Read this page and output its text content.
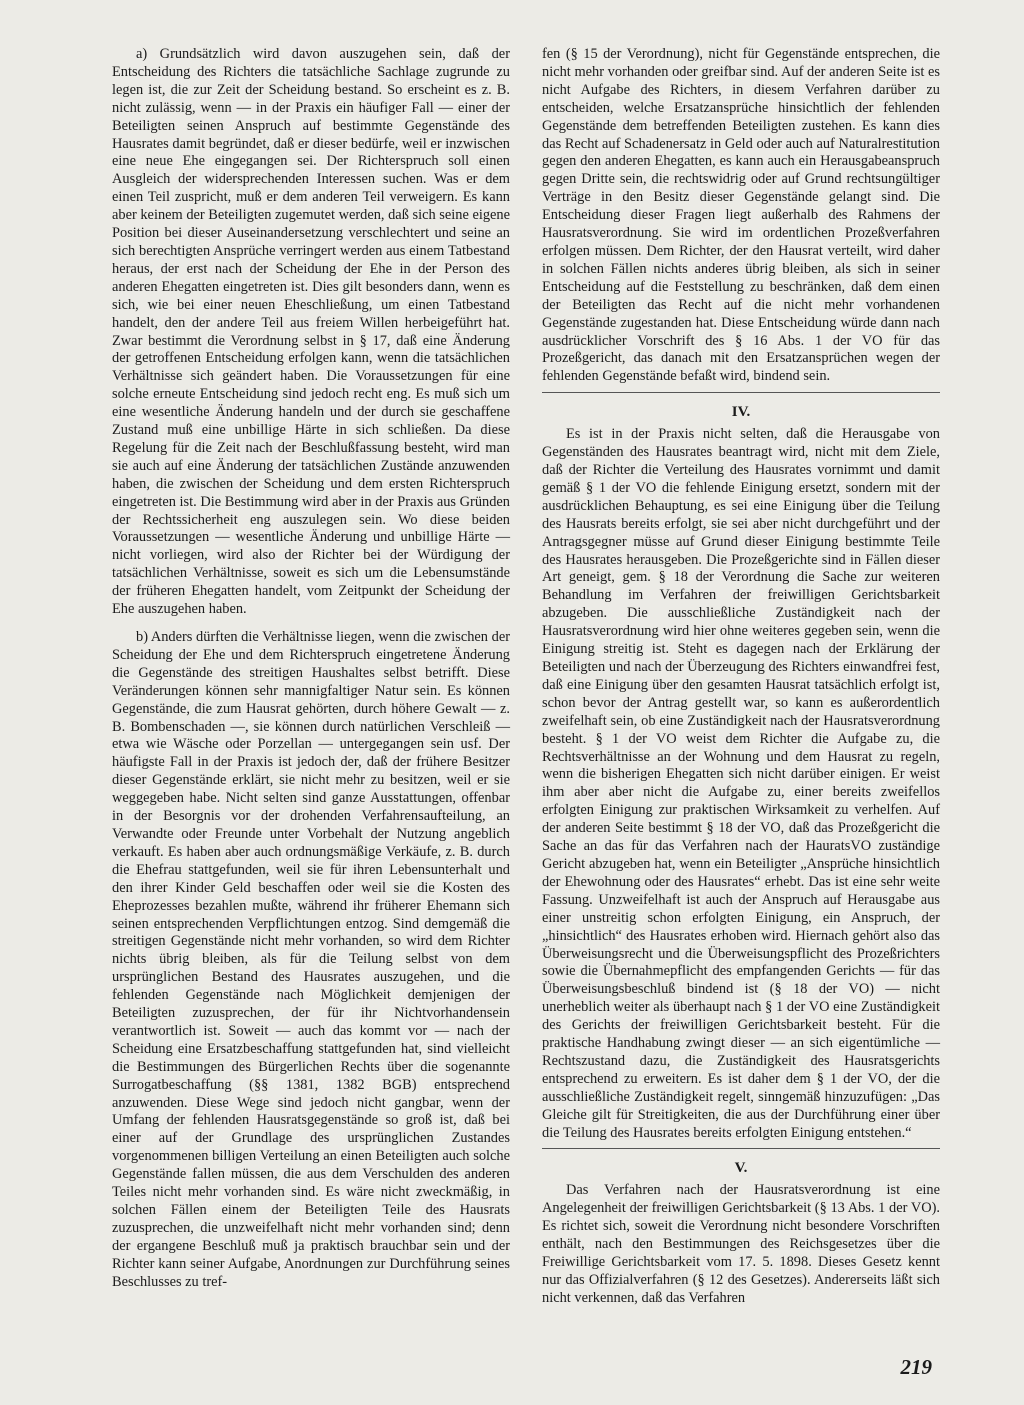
a) Grundsätzlich wird davon auszugehen sein, daß der Entscheidung des Richters die tatsächliche Sachlage zugrunde zu legen ist, die zur Zeit der Scheidung bestand. So erscheint es z. B. nicht zulässig, wenn — in der Praxis ein häufiger Fall — einer der Beteiligten seinen Anspruch auf bestimmte Gegenstände des Hausrates damit begründet, daß er dieser bedürfe, weil er inzwischen eine neue Ehe eingegangen sei. Der Richterspruch soll einen Ausgleich der widersprechenden Interessen suchen. Was er dem einen Teil zuspricht, muß er dem anderen Teil verweigern. Es kann aber keinem der Beteiligten zugemutet werden, daß sich seine eigene Position bei dieser Auseinandersetzung verschlechtert und seine an sich berechtigten Ansprüche verringert werden aus einem Tatbestand heraus, der erst nach der Scheidung der Ehe in der Person des anderen Ehegatten eingetreten ist. Dies gilt besonders dann, wenn es sich, wie bei einer neuen Eheschließung, um einen Tatbestand handelt, den der andere Teil aus freiem Willen herbeigeführt hat. Zwar bestimmt die Verordnung selbst in § 17, daß eine Änderung der getroffenen Entscheidung erfolgen kann, wenn die tatsächlichen Verhältnisse sich geändert haben. Die Voraussetzungen für eine solche erneute Entscheidung sind jedoch recht eng. Es muß sich um eine wesentliche Änderung handeln und der durch sie geschaffene Zustand muß eine unbillige Härte in sich schließen. Da diese Regelung für die Zeit nach der Beschlußfassung besteht, wird man sie auch auf eine Änderung der tatsächlichen Zustände anzuwenden haben, die zwischen der Scheidung und dem ersten Richterspruch eingetreten ist. Die Bestimmung wird aber in der Praxis aus Gründen der Rechtssicherheit eng auszulegen sein. Wo diese beiden Voraussetzungen — wesentliche Änderung und unbillige Härte — nicht vorliegen, wird also der Richter bei der Würdigung der tatsächlichen Verhältnisse, soweit es sich um die Lebensumstände der früheren Ehegatten handelt, vom Zeitpunkt der Scheidung der Ehe auszugehen haben.

b) Anders dürften die Verhältnisse liegen, wenn die zwischen der Scheidung der Ehe und dem Richterspruch eingetretene Änderung die Gegenstände des streitigen Haushaltes selbst betrifft. Diese Veränderungen können sehr mannigfaltiger Natur sein. Es können Gegenstände, die zum Hausrat gehörten, durch höhere Gewalt — z. B. Bombenschaden —, sie können durch natürlichen Verschleiß — etwa wie Wäsche oder Porzellan — untergegangen sein usf. Der häufigste Fall in der Praxis ist jedoch der, daß der frühere Besitzer dieser Gegenstände erklärt, sie nicht mehr zu besitzen, weil er sie weggegeben habe. Nicht selten sind ganze Ausstattungen, offenbar in der Besorgnis vor der drohenden Verfahrensaufteilung, an Verwandte oder Freunde unter Vorbehalt der Nutzung angeblich verkauft. Es haben aber auch ordnungsmäßige Verkäufe, z. B. durch die Ehefrau stattgefunden, weil sie für ihren Lebensunterhalt und den ihrer Kinder Geld beschaffen oder weil sie die Kosten des Eheprozesses bezahlen mußte, während ihr früherer Ehemann sich seinen entsprechenden Verpflichtungen entzog. Sind demgemäß die streitigen Gegenstände nicht mehr vorhanden, so wird dem Richter nichts übrig bleiben, als für die Teilung selbst von dem ursprünglichen Bestand des Hausrates auszugehen, und die fehlenden Gegenstände nach Möglichkeit demjenigen der Beteiligten zuzusprechen, der für ihr Nichtvorhandensein verantwortlich ist. Soweit — auch das kommt vor — nach der Scheidung eine Ersatzbeschaffung stattgefunden hat, sind vielleicht die Bestimmungen des Bürgerlichen Rechts über die sogenannte Surrogatbeschaffung (§§ 1381, 1382 BGB) entsprechend anzuwenden. Diese Wege sind jedoch nicht gangbar, wenn der Umfang der fehlenden Hausratsgegenstände so groß ist, daß bei einer auf der Grundlage des ursprünglichen Zustandes vorgenommenen billigen Verteilung an einen Beteiligten auch solche Gegenstände fallen müssen, die aus dem Verschulden des anderen Teiles nicht mehr vorhanden sind. Es wäre nicht zweckmäßig, in solchen Fällen einem der Beteiligten Teile des Hausrats zuzusprechen, die unzweifelhaft nicht mehr vorhanden sind; denn der ergangene Beschluß muß ja praktisch brauchbar sein und der Richter kann seiner Aufgabe, Anordnungen zur Durchführung seines Beschlusses zu tref-

fen (§ 15 der Verordnung), nicht für Gegenstände entsprechen, die nicht mehr vorhanden oder greifbar sind. Auf der anderen Seite ist es nicht Aufgabe des Richters, in diesem Verfahren darüber zu entscheiden, welche Ersatzansprüche hinsichtlich der fehlenden Gegenstände dem betreffenden Beteiligten zustehen. Es kann dies das Recht auf Schadenersatz in Geld oder auch auf Naturalrestitution gegen den anderen Ehegatten, es kann auch ein Herausgabeanspruch gegen Dritte sein, die rechtswidrig oder auf Grund rechtsungültiger Verträge in den Besitz dieser Gegenstände gelangt sind. Die Entscheidung dieser Fragen liegt außerhalb des Rahmens der Hausratsverordnung. Sie wird im ordentlichen Prozeßverfahren erfolgen müssen. Dem Richter, der den Hausrat verteilt, wird daher in solchen Fällen nichts anderes übrig bleiben, als sich in seiner Entscheidung auf die Feststellung zu beschränken, daß dem einen der Beteiligten das Recht auf die nicht mehr vorhandenen Gegenstände zugestanden hat. Diese Entscheidung würde dann nach ausdrücklicher Vorschrift des § 16 Abs. 1 der VO für das Prozeßgericht, das danach mit den Ersatzansprüchen wegen der fehlenden Gegenstände befaßt wird, bindend sein.

IV.

Es ist in der Praxis nicht selten, daß die Herausgabe von Gegenständen des Hausrates beantragt wird, nicht mit dem Ziele, daß der Richter die Verteilung des Hausrates vornimmt und damit gemäß § 1 der VO die fehlende Einigung ersetzt, sondern mit der ausdrücklichen Behauptung, es sei eine Einigung über die Teilung des Hausrats bereits erfolgt, sie sei aber nicht durchgeführt und der Antragsgegner müsse auf Grund dieser Einigung bestimmte Teile des Hausrates herausgeben. Die Prozeßgerichte sind in Fällen dieser Art geneigt, gem. § 18 der Verordnung die Sache zur weiteren Behandlung im Verfahren der freiwilligen Gerichtsbarkeit abzugeben. Die ausschließliche Zuständigkeit nach der Hausratsverordnung wird hier ohne weiteres gegeben sein, wenn die Einigung streitig ist. Steht es dagegen nach der Erklärung der Beteiligten und nach der Überzeugung des Richters einwandfrei fest, daß eine Einigung über den gesamten Hausrat tatsächlich erfolgt ist, schon bevor der Antrag gestellt war, so kann es außerordentlich zweifelhaft sein, ob eine Zuständigkeit nach der Hausratsverordnung besteht. § 1 der VO weist dem Richter die Aufgabe zu, die Rechtsverhältnisse an der Wohnung und dem Hausrat zu regeln, wenn die bisherigen Ehegatten sich nicht darüber einigen. Er weist ihm aber aber nicht die Aufgabe zu, einer bereits zweifellos erfolgten Einigung zur praktischen Wirksamkeit zu verhelfen. Auf der anderen Seite bestimmt § 18 der VO, daß das Prozeßgericht die Sache an das für das Verfahren nach der HauratsVO zuständige Gericht abzugeben hat, wenn ein Beteiligter „Ansprüche hinsichtlich der Ehewohnung oder des Hausrates“ erhebt. Das ist eine sehr weite Fassung. Unzweifelhaft ist auch der Anspruch auf Herausgabe aus einer unstreitig schon erfolgten Einigung, ein Anspruch, der „hinsichtlich“ des Hausrates erhoben wird. Hiernach gehört also das Überweisungsrecht und die Überweisungspflicht des Prozeßrichters sowie die Übernahmepflicht des empfangenden Gerichts — für das Überweisungsbeschluß bindend ist (§ 18 der VO) — nicht unerheblich weiter als überhaupt nach § 1 der VO eine Zuständigkeit des Gerichts der freiwilligen Gerichtsbarkeit besteht. Für die praktische Handhabung zwingt dieser — an sich eigentümliche — Rechtszustand dazu, die Zuständigkeit des Hausratsgerichts entsprechend zu erweitern. Es ist daher dem § 1 der VO, der die ausschließliche Zuständigkeit regelt, sinngemäß hinzuzufügen: „Das Gleiche gilt für Streitigkeiten, die aus der Durchführung einer über die Teilung des Hausrates bereits erfolgten Einigung entstehen.“

V.

Das Verfahren nach der Hausratsverordnung ist eine Angelegenheit der freiwilligen Gerichtsbarkeit (§ 13 Abs. 1 der VO). Es richtet sich, soweit die Verordnung nicht besondere Vorschriften enthält, nach den Bestimmungen des Reichsgesetzes über die Freiwillige Gerichtsbarkeit vom 17. 5. 1898. Dieses Gesetz kennt nur das Offizialverfahren (§ 12 des Gesetzes). Andererseits läßt sich nicht verkennen, daß das Verfahren

219
